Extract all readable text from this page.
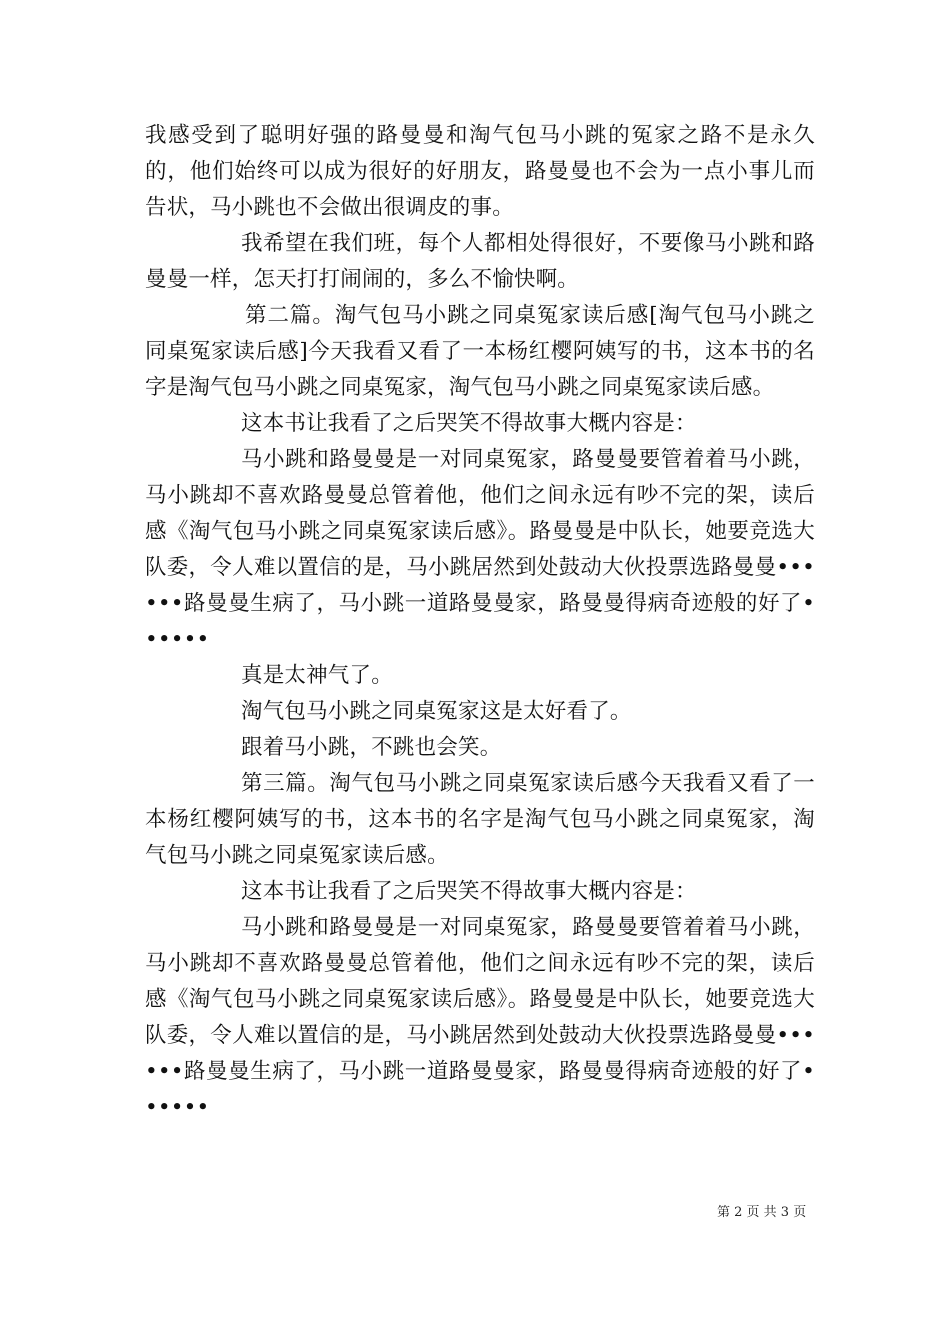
我感受到了聪明好强的路曼曼和淘气包马小跳的冤家之路不是永久的，他们始终可以成为很好的好朋友，路曼曼也不会为一点小事儿而告状，马小跳也不会做出很调皮的事。

我希望在我们班，每个人都相处得很好，不要像马小跳和路曼曼一样，怎天打打闹闹的，多么不愉快啊。

第二篇。淘气包马小跳之同桌冤家读后感[淘气包马小跳之同桌冤家读后感]今天我看又看了一本杨红樱阿姨写的书，这本书的名字是淘气包马小跳之同桌冤家，淘气包马小跳之同桌冤家读后感。

这本书让我看了之后哭笑不得故事大概内容是：

马小跳和路曼曼是一对同桌冤家，路曼曼要管着着马小跳，马小跳却不喜欢路曼曼总管着他，他们之间永远有吵不完的架，读后感《淘气包马小跳之同桌冤家读后感》。路曼曼是中队长，她要竞选大队委，令人难以置信的是，马小跳居然到处鼓动大伙投票选路曼曼••••••路曼曼生病了，马小跳一道路曼曼家，路曼曼得病奇迹般的好了••••••

真是太神气了。

淘气包马小跳之同桌冤家这是太好看了。

跟着马小跳，不跳也会笑。

第三篇。淘气包马小跳之同桌冤家读后感今天我看又看了一本杨红樱阿姨写的书，这本书的名字是淘气包马小跳之同桌冤家，淘气包马小跳之同桌冤家读后感。

这本书让我看了之后哭笑不得故事大概内容是：

马小跳和路曼曼是一对同桌冤家，路曼曼要管着着马小跳，马小跳却不喜欢路曼曼总管着他，他们之间永远有吵不完的架，读后感《淘气包马小跳之同桌冤家读后感》。路曼曼是中队长，她要竞选大队委，令人难以置信的是，马小跳居然到处鼓动大伙投票选路曼曼••••••路曼曼生病了，马小跳一道路曼曼家，路曼曼得病奇迹般的好了••••••

第 2 页 共 3 页
